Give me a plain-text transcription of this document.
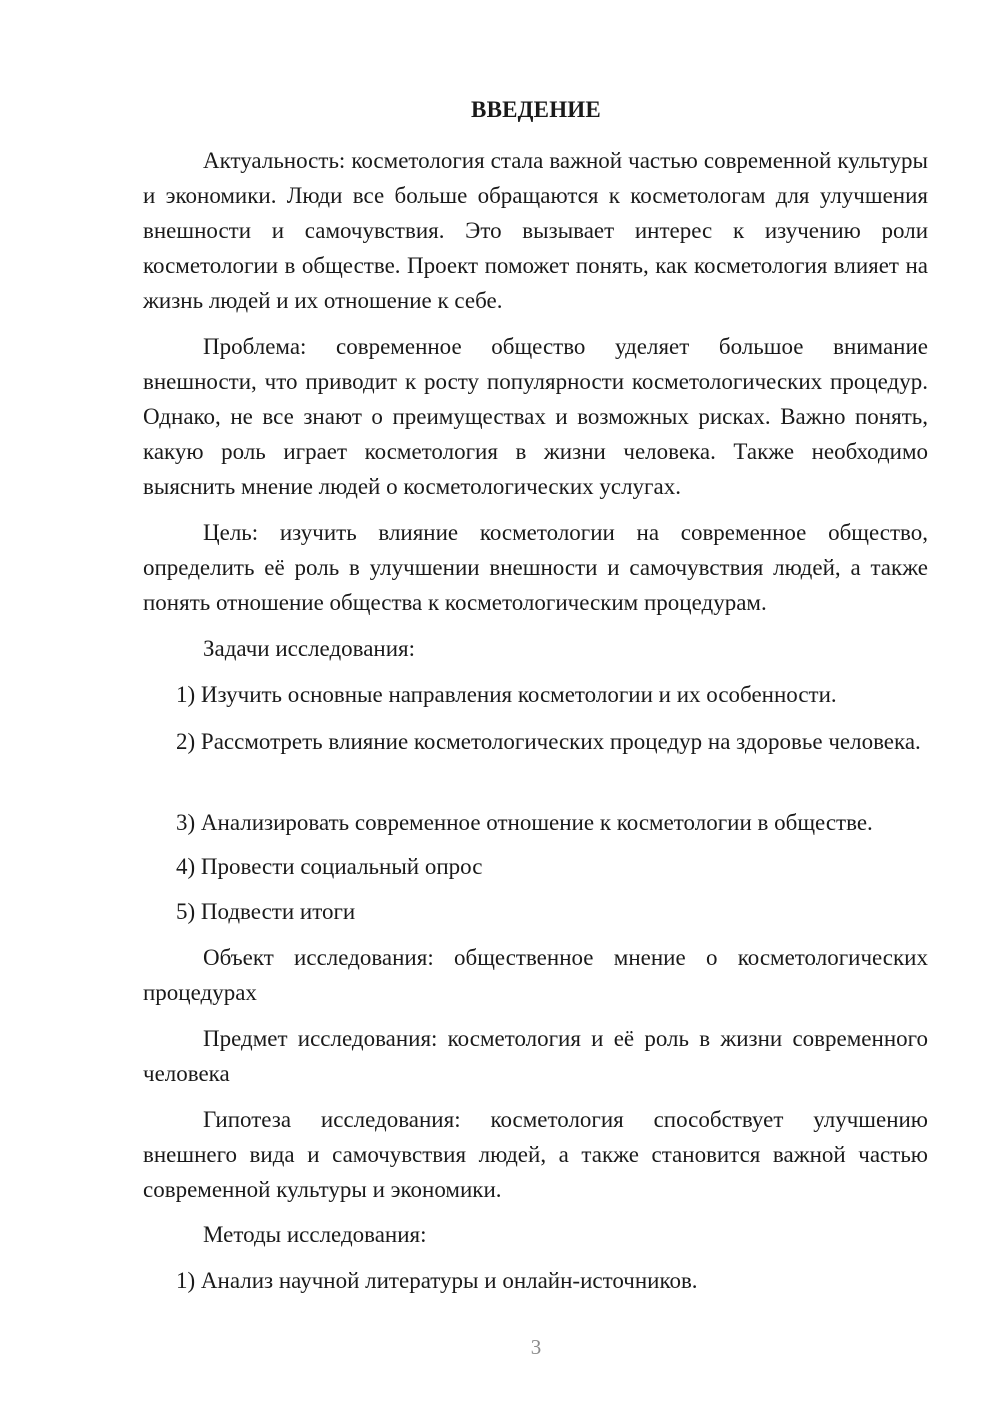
ВВЕДЕНИЕ

Актуальность: косметология стала важной частью современной культуры и экономики. Люди все больше обращаются к косметологам для улучшения внешности и самочувствия. Это вызывает интерес к изучению роли косметологии в обществе. Проект поможет понять, как косметология влияет на жизнь людей и их отношение к себе.

Проблема: современное общество уделяет большое внимание внешности, что приводит к росту популярности косметологических процедур. Однако, не все знают о преимуществах и возможных рисках. Важно понять, какую роль играет косметология в жизни человека. Также необходимо выяснить мнение людей о косметологических услугах.

Цель: изучить влияние косметологии на современное общество, определить её роль в улучшении внешности и самочувствия людей, а также понять отношение общества к косметологическим процедурам.

Задачи исследования:

1) Изучить основные направления косметологии и их особенности.

2) Рассмотреть влияние косметологических процедур на здоровье человека.

3) Анализировать современное отношение к косметологии в обществе.

4) Провести социальный опрос

5) Подвести итоги

Объект исследования: общественное мнение о косметологических процедурах

Предмет исследования: косметология и её роль в жизни современного человека

Гипотеза исследования: косметология способствует улучшению внешнего вида и самочувствия людей, а также становится важной частью современной культуры и экономики.

Методы исследования:

1) Анализ научной литературы и онлайн-источников.

3
